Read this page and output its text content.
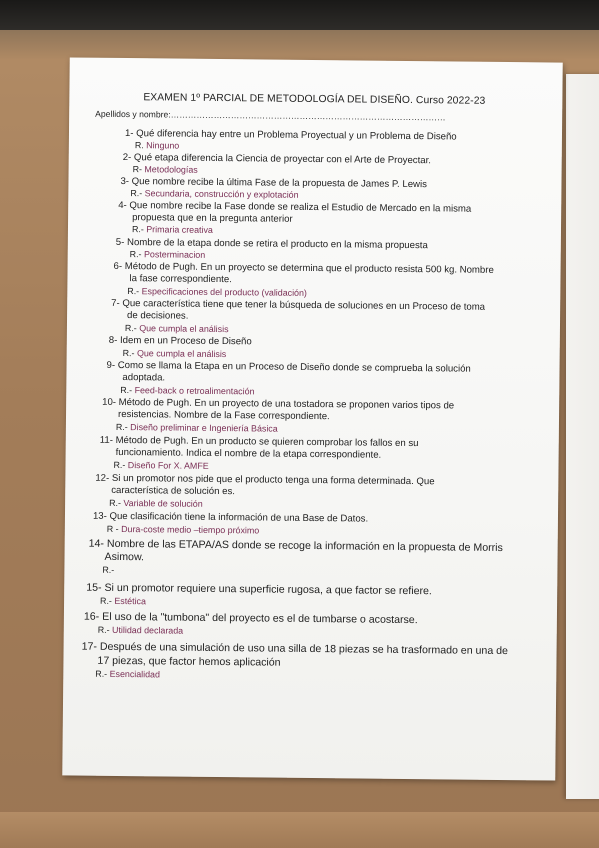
EXAMEN 1º PARCIAL DE METODOLOGÍA DEL DISEÑO. Curso 2022-23
Apellidos y nombre:……………………………………………………………………………………
1- Qué diferencia hay entre un Problema Proyectual y un Problema de Diseño
R. Ninguno
2- Qué etapa diferencia la Ciencia de proyectar con el Arte de Proyectar.
R- Metodologías
3- Que nombre recibe la última Fase de la propuesta de James P. Lewis
R.- Secundaria, construcción y explotación
4- Que nombre recibe la Fase donde se realiza el Estudio de Mercado en la misma
propuesta que en la pregunta anterior
R.- Primaria creativa
5- Nombre de la etapa donde se retira el producto en la misma propuesta
R.- Posterminacion
6- Método de Pugh. En un proyecto se determina que el producto resista 500 kg. Nombre
la fase correspondiente.
R.- Especificaciones del producto (validación)
7- Que característica tiene que tener la búsqueda de soluciones en un Proceso de toma
de decisiones.
R.- Que cumpla el análisis
8- Idem en un Proceso de Diseño
R.- Que cumpla el análisis
9- Como se llama la Etapa en un Proceso de Diseño donde se comprueba la solución
adoptada.
R.- Feed-back o retroalimentación
10- Método de Pugh. En un proyecto de una tostadora se proponen varios tipos de
resistencias. Nombre de la Fase correspondiente.
R.- Diseño preliminar e Ingeniería Básica
11- Método de Pugh. En un producto se quieren comprobar los fallos en su
funcionamiento. Indica el nombre de la etapa correspondiente.
R.- Diseño For X. AMFE
12- Si un promotor nos pide que el producto tenga una forma determinada. Que
característica de solución es.
R.- Variable de solución
13- Que clasificación tiene la información de una Base de Datos.
R - Dura-coste medio –tiempo próximo
14- Nombre de las ETAPA/AS donde se recoge la información en la propuesta de Morris
Asimow.
R.-
15- Si un promotor requiere una superficie rugosa, a que factor se refiere.
R.- Estética
16- El uso de la "tumbona" del proyecto es el de tumbarse o acostarse.
R.- Utilidad declarada
17- Después de una simulación de uso una silla de 18 piezas se ha trasformado en una de
17 piezas, que factor hemos aplicación
R.- Esencialidad
